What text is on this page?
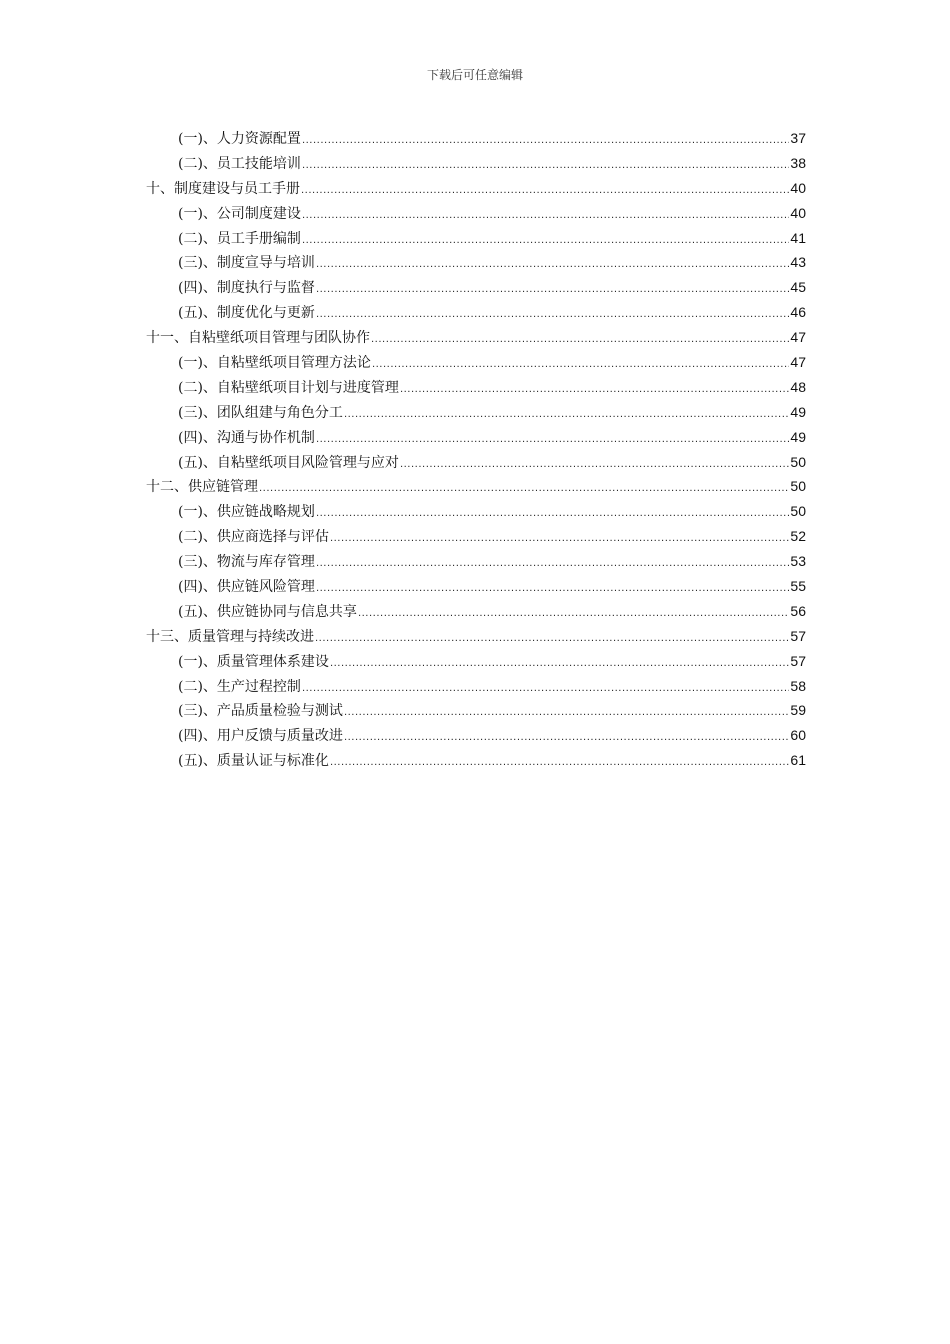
下载后可任意编辑
(一)、人力资源配置 .....	37
(二)、员工技能培训 .....	38
十、制度建设与员工手册 .....	40
(一)、公司制度建设 .....	40
(二)、员工手册编制 .....	41
(三)、制度宣导与培训 .....	43
(四)、制度执行与监督 .....	45
(五)、制度优化与更新 .....	46
十一、自粘壁纸项目管理与团队协作 .....	47
(一)、自粘壁纸项目管理方法论 .....	47
(二)、自粘壁纸项目计划与进度管理 .....	48
(三)、团队组建与角色分工 .....	49
(四)、沟通与协作机制 .....	49
(五)、自粘壁纸项目风险管理与应对 .....	50
十二、供应链管理 .....	50
(一)、供应链战略规划 .....	50
(二)、供应商选择与评估 .....	52
(三)、物流与库存管理 .....	53
(四)、供应链风险管理 .....	55
(五)、供应链协同与信息共享 .....	56
十三、质量管理与持续改进 .....	57
(一)、质量管理体系建设 .....	57
(二)、生产过程控制 .....	58
(三)、产品质量检验与测试 .....	59
(四)、用户反馈与质量改进 .....	60
(五)、质量认证与标准化 .....	61
